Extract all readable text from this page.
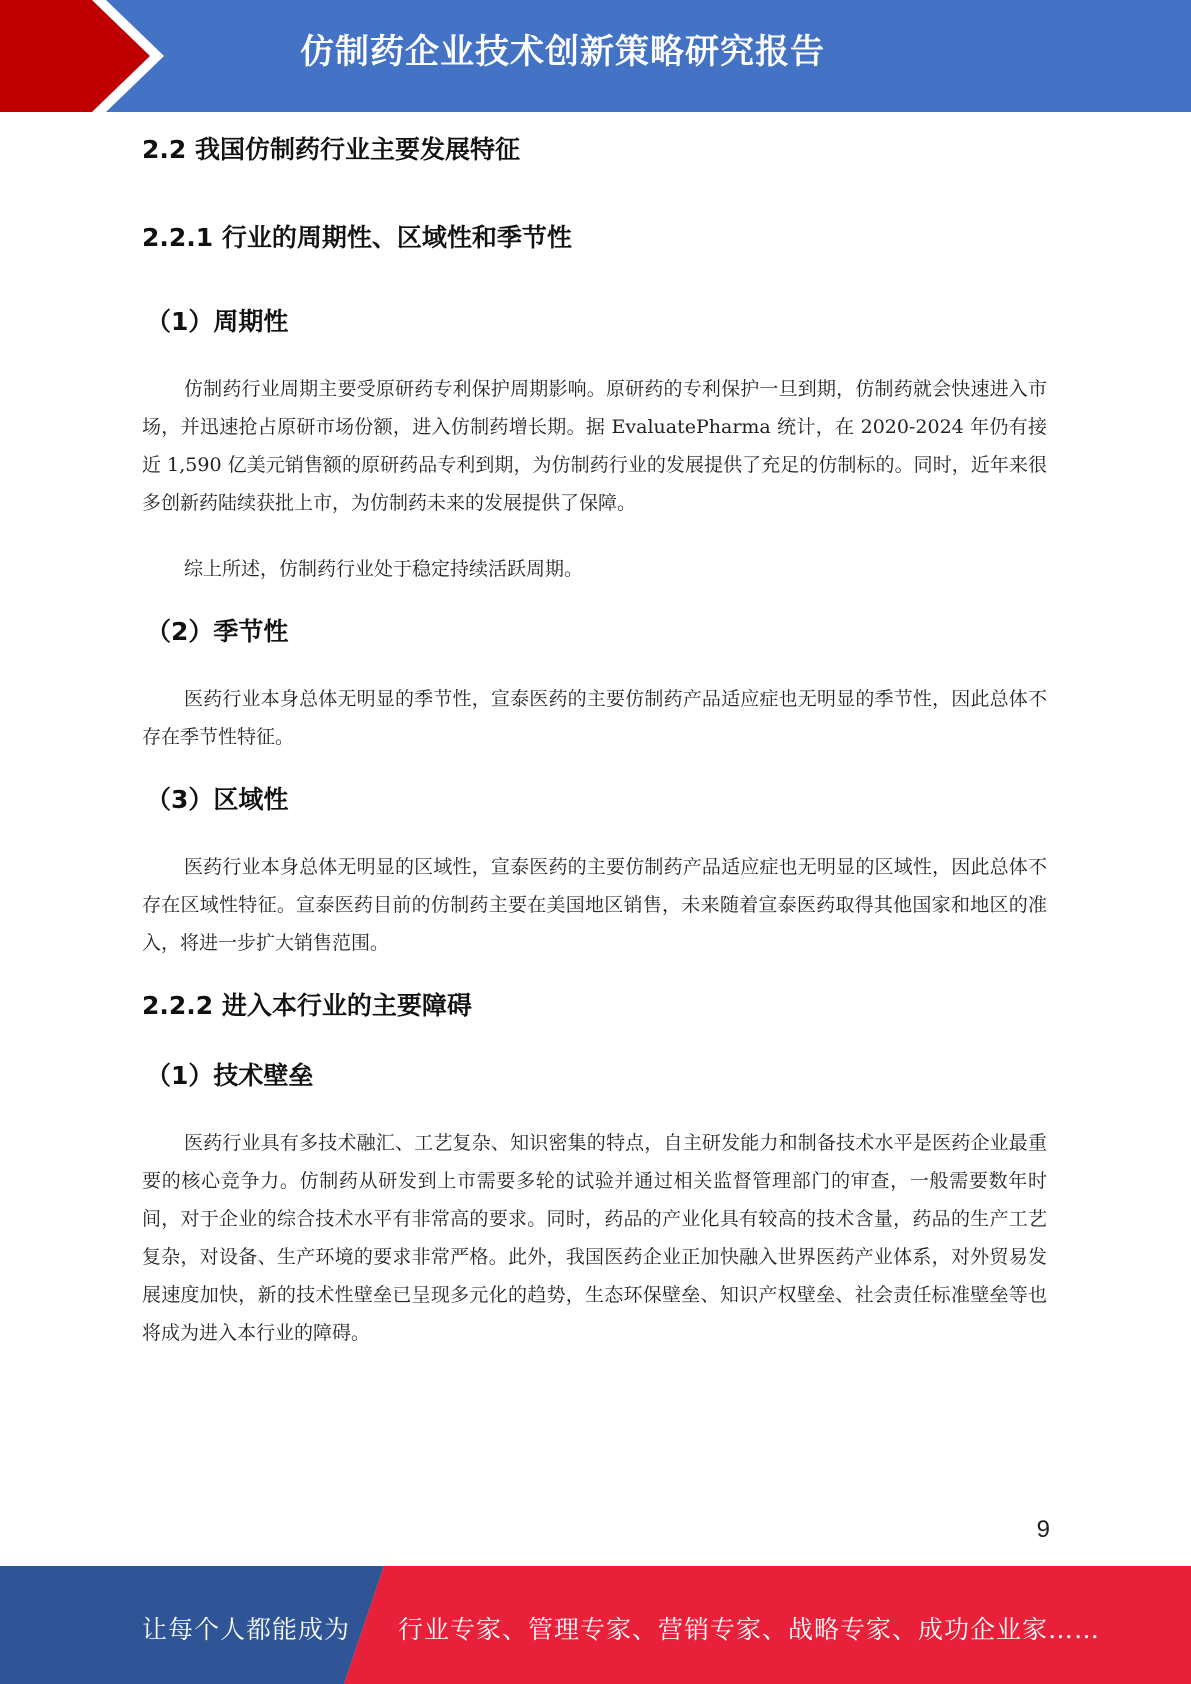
仿制药企业技术创新策略研究报告
2.2 我国仿制药行业主要发展特征
2.2.1 行业的周期性、区域性和季节性
（1）周期性

仿制药行业周期主要受原研药专利保护周期影响。原研药的专利保护一旦到期，仿制药就会快速进入市场，并迅速抢占原研市场份额，进入仿制药增长期。据 EvaluatePharma 统计，在 2020-2024 年仍有接近 1,590 亿美元销售额的原研药品专利到期，为仿制药行业的发展提供了充足的仿制标的。同时，近年来很多创新药陆续获批上市，为仿制药未来的发展提供了保障。

综上所述，仿制药行业处于稳定持续活跃周期。

（2）季节性

医药行业本身总体无明显的季节性，宣泰医药的主要仿制药产品适应症也无明显的季节性，因此总体不存在季节性特征。

（3）区域性

医药行业本身总体无明显的区域性，宣泰医药的主要仿制药产品适应症也无明显的区域性，因此总体不存在区域性特征。宣泰医药目前的仿制药主要在美国地区销售，未来随着宣泰医药取得其他国家和地区的准入，将进一步扩大销售范围。

2.2.2 进入本行业的主要障碍
（1）技术壁垒

医药行业具有多技术融汇、工艺复杂、知识密集的特点，自主研发能力和制备技术水平是医药企业最重要的核心竞争力。仿制药从研发到上市需要多轮的试验并通过相关监督管理部门的审查，一般需要数年时间，对于企业的综合技术水平有非常高的要求。同时，药品的产业化具有较高的技术含量，药品的生产工艺复杂，对设备、生产环境的要求非常严格。此外，我国医药企业正加快融入世界医药产业体系，对外贸易发展速度加快，新的技术性壁垒已呈现多元化的趋势，生态环保壁垒、知识产权壁垒、社会责任标准壁垒等也将成为进入本行业的障碍。

9
让每个人都能成为 行业专家、管理专家、营销专家、战略专家、成功企业家……
